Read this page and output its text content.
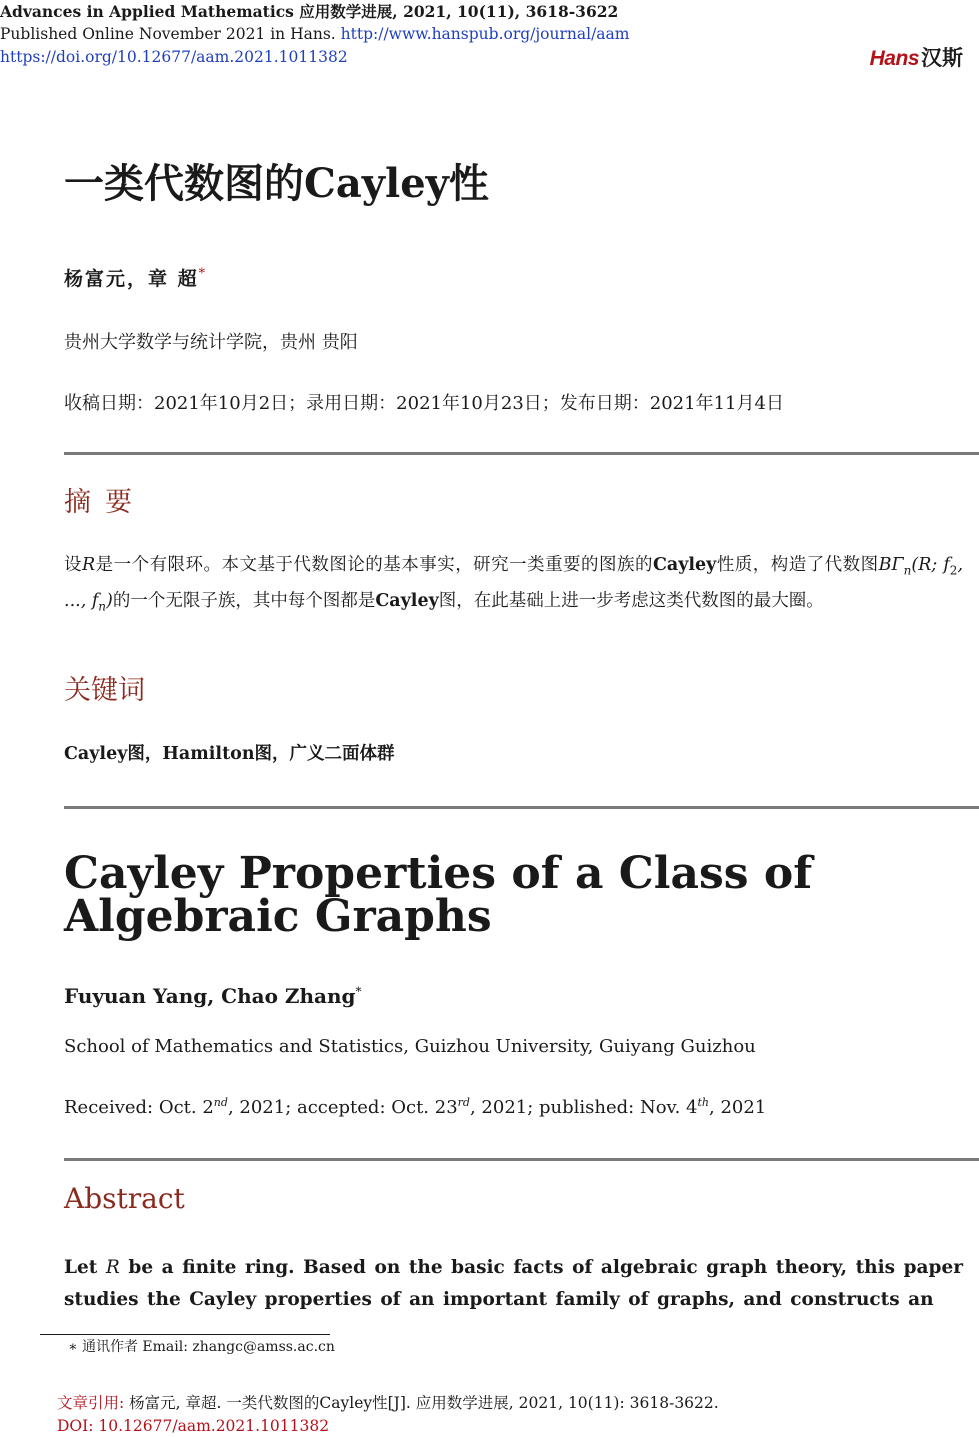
Advances in Applied Mathematics 应用数学进展, 2021, 10(11), 3618-3622
Published Online November 2021 in Hans. http://www.hanspub.org/journal/aam
https://doi.org/10.12677/aam.2021.1011382	Hans汉斯
一类代数图的Cayley性
杨富元，章 超*
贵州大学数学与统计学院，贵州 贵阳
收稿日期：2021年10月2日；录用日期：2021年10月23日；发布日期：2021年11月4日
摘要
设R是一个有限环。本文基于代数图论的基本事实，研究一类重要的图族的Cayley性质，构造了代数图$B\Gamma_n(R$; $f_2$, ..., $f_n$)的一个无限子族，其中每个图都是Cayley图，在此基础上进一步考虑这类代数图的最大圈。
关键词
Cayley图，Hamilton图，广义二面体群
Cayley Properties of a Class of Algebraic Graphs
Fuyuan Yang, Chao Zhang*
School of Mathematics and Statistics, Guizhou University, Guiyang Guizhou
Received: Oct. 2nd, 2021; accepted: Oct. 23rd, 2021; published: Nov. 4th, 2021
Abstract
Let R be a finite ring. Based on the basic facts of algebraic graph theory, this paper studies the Cayley properties of an important family of graphs, and constructs an
∗ 通讯作者 Email: zhangc@amss.ac.cn
文章引用: 杨富元, 章超. 一类代数图的Cayley性[J]. 应用数学进展, 2021, 10(11): 3618-3622.
DOI: 10.12677/aam.2021.1011382
